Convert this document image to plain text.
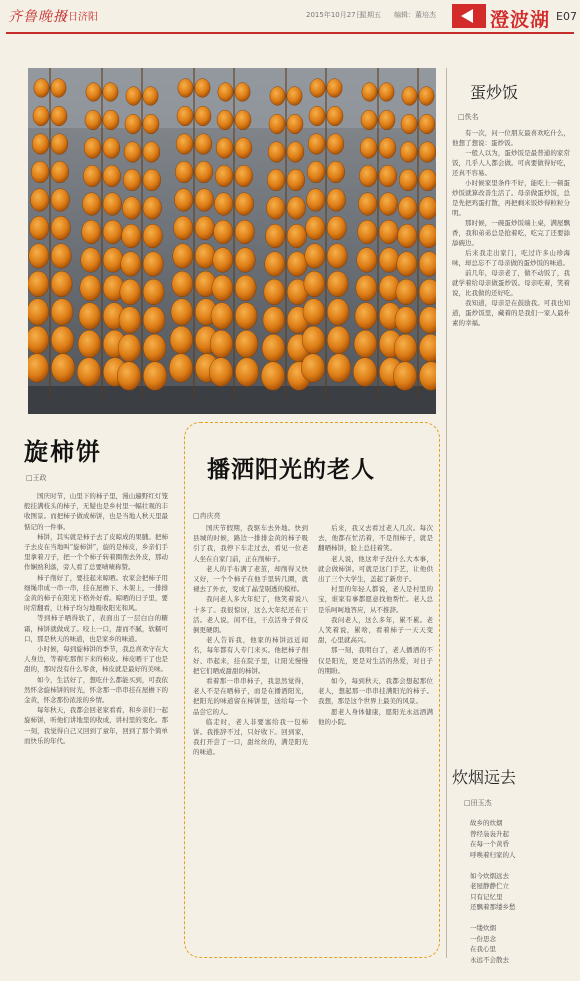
齐鲁晚报
今日济阳	2015年10月27日
星期五 编辑：董培杰	澄波湖 E07
蛋炒饭
□佚名

有一次，问一位朋友最喜欢吃什么，他想了想说：蛋炒饭。

一般人以为，蛋炒饭是最普通的家常饭，几乎人人都会做。可真要做得好吃，还真不容易。

小时候家里条件不好，能吃上一顿蛋炒饭就算改善生活了。母亲做蛋炒饭，总是先把鸡蛋打散，再把剩米饭炒得粒粒分明。

那时候，一碗蛋炒饭端上桌，满屋飘香，我和弟弟总是抢着吃，吃完了还要舔舔碗边。

后来我走出家门，吃过许多山珍海味，却总忘不了母亲做的蛋炒饭的味道。

前几年，母亲老了，做不动饭了，我就学着给母亲做蛋炒饭。母亲吃着，笑着说，比我做的还好吃。

我知道，母亲是在鼓励我。可我也知道，蛋炒饭里，藏着的是我们一家人最朴素的幸福。

炊烟远去
□田玉杰
故乡的炊烟
曾经袅袅升起
在每一个黄昏
呼唤着归家的人

如今炊烟远去
老屋静静伫立
只有记忆里
还飘着那缕乡愁

一缕炊烟
一份思念
在我心里
永远不会散去
旋柿饼
□王政

国庆时节，山里下的柿子里，漫山遍野红灯笼般挂满枝头的柿子，无疑也是乡村里一幅壮观的丰收图景。而把柿子做成柿饼，也是当地人秋天里最惦记的一件事。

柿饼，其实就是柿子去了皮晾成的果脯。把柿子去皮在当地叫“旋柿饼”，旋的是柿皮，乡亲们手里拿着刀子，把一个个柿子转着圈削去外皮，那动作娴熟利落，旁人看了总要啧啧称赞。

柿子削好了，要挂起来晾晒。农家会把柿子用细绳串成一串一串，挂在屋檐下、木架上，一排排金黄的柿子在阳光下格外好看。晾晒的日子里，要时常翻看，让柿子均匀地吸收阳光和风。

等到柿子晒得软了，表面出了一层白白的糖霜，柿饼就做成了。咬上一口，甜而不腻，软糯可口，那是秋天的味道，也是家乡的味道。

小时候，每到旋柿饼的季节，我总喜欢守在大人身边，等着吃那削下来的柿皮。柿皮晒干了也是甜的，那时没有什么零食，柿皮就是最好的美味。

如今，生活好了，想吃什么都能买到，可我依然怀念旋柿饼的时光，怀念那一串串挂在屋檐下的金黄，怀念那份浓浓的乡情。

每年秋天，我都会回老家看看，和乡亲们一起旋柿饼，听他们讲地里的收成，讲村里的变化。那一刻，我觉得自己又回到了童年，回到了那个简单而快乐的年代。

播洒阳光的老人
□冉庆亮

国庆节假期，我驱车去外地。快到县城的时候，路边一排排金黄的柿子吸引了我，我停下车走过去，看见一位老人坐在自家门前，正在削柿子。

老人的手布满了老茧，却削得又快又好，一个个柿子在他手里转几圈，就褪去了外衣，变成了晶莹剔透的模样。

我问老人多大年纪了，他笑着说八十多了。我很惊讶，这么大年纪还在干活。老人说，闲不住，干点活身子骨反倒更硬朗。

老人告诉我，他家的柿饼远近闻名，每年都有人专门来买。他把柿子削好、串起来，挂在院子里，让阳光慢慢把它们晒成甜甜的柿饼。

看着那一串串柿子，我忽然觉得，老人不是在晒柿子，而是在播洒阳光，把阳光的味道留在柿饼里，送给每一个品尝它的人。

临走时，老人非要塞给我一包柿饼。我推辞不过，只好收下。回到家，我打开尝了一口，甜丝丝的，满是阳光的味道。

后来，我又去看过老人几次。每次去，他都在忙活着，不是削柿子，就是翻晒柿饼，脸上总挂着笑。

老人说，他这辈子没什么大本事，就会做柿饼。可就是这门手艺，让他供出了三个大学生，盖起了新房子。

村里的年轻人都说，老人是村里的宝，谁家有事都愿意找他帮忙。老人总是乐呵呵地答应，从不推辞。

我问老人，这么多年，累不累。老人笑着说，累啥，看着柿子一天天变甜，心里就高兴。

那一刻，我明白了，老人播洒的不仅是阳光，更是对生活的热爱，对日子的期盼。

如今，每到秋天，我都会想起那位老人，想起那一串串挂满阳光的柿子。我想，那是这个世界上最美的风景。

愿老人身体健康，愿阳光永远洒满他的小院。
